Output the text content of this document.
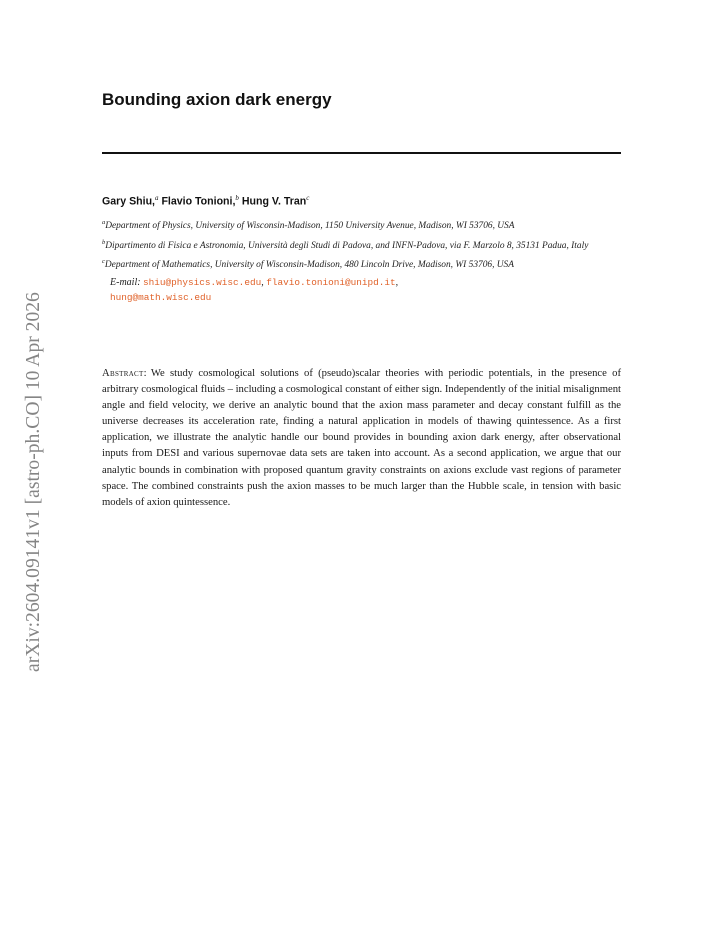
arXiv:2604.09141v1 [astro-ph.CO] 10 Apr 2026
Bounding axion dark energy
Gary Shiu,$^a$ Flavio Tonioni,$^b$ Hung V. Tran$^c$

$^a$Department of Physics, University of Wisconsin-Madison, 1150 University Avenue, Madison, WI 53706, USA

$^b$Dipartimento di Fisica e Astronomia, Università degli Studi di Padova, and INFN-Padova, via F. Marzolo 8, 35131 Padua, Italy

$^c$Department of Mathematics, University of Wisconsin-Madison, 480 Lincoln Drive, Madison, WI 53706, USA

E-mail: shiu@physics.wisc.edu, flavio.tonioni@unipd.it,
hung@math.wisc.edu

Abstract: We study cosmological solutions of (pseudo)scalar theories with periodic potentials, in the presence of arbitrary cosmological fluids – including a cosmological constant of either sign. Independently of the initial misalignment angle and field velocity, we derive an analytic bound that the axion mass parameter and decay constant fulfill as the universe decreases its acceleration rate, finding a natural application in models of thawing quintessence. As a first application, we illustrate the analytic handle our bound provides in bounding axion dark energy, after observational inputs from DESI and various supernovae data sets are taken into account. As a second application, we argue that our analytic bounds in combination with proposed quantum gravity constraints on axions exclude vast regions of parameter space. The combined constraints push the axion masses to be much larger than the Hubble scale, in tension with basic models of axion quintessence.
